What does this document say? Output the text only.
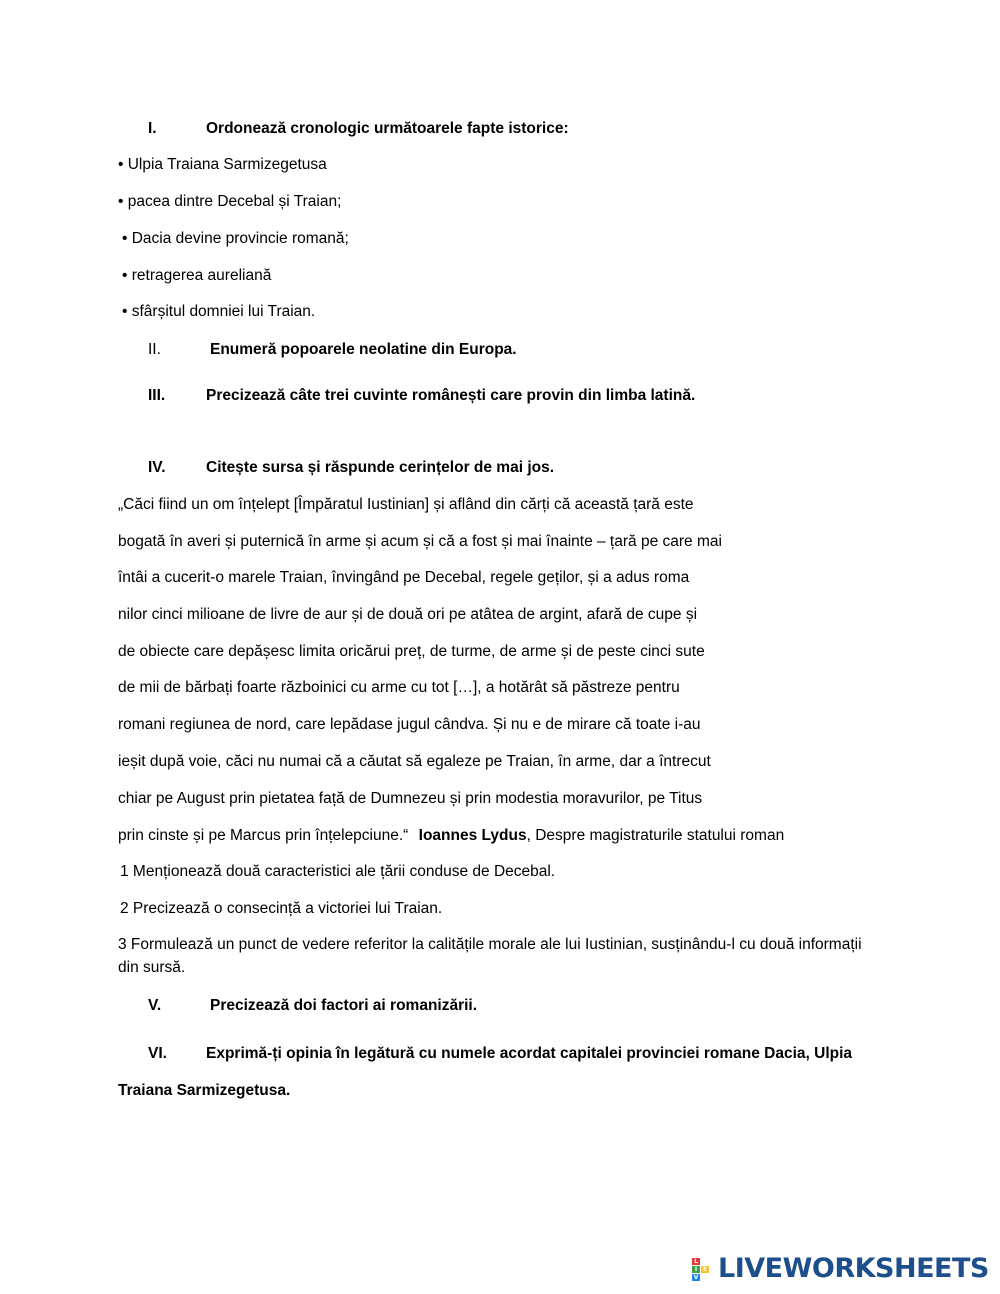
I.	Ordonează cronologic următoarele fapte istorice:
• Ulpia Traiana Sarmizegetusa
• pacea dintre Decebal și Traian;
• Dacia devine provincie romană;
• retragerea aureliană
• sfârșitul domniei lui Traian.
II.	Enumeră popoarele neolatine din Europa.
III.	Precizează câte trei cuvinte românești care provin din limba latină.
IV.	Citește sursa și răspunde cerințelor de mai jos.
„Căci fiind un om înțelept [Împăratul Iustinian] și aflând din cărți că această țară este
bogată în averi și puternică în arme și acum și că a fost și mai înainte – țară pe care mai
întâi a cucerit-o marele Traian, învingând pe Decebal, regele geților, și a adus roma
nilor cinci milioane de livre de aur și de două ori pe atâtea de argint, afară de cupe și
de obiecte care depășesc limita oricărui preț, de turme, de arme și de peste cinci sute
de mii de bărbați foarte războinici cu arme cu tot […], a hotărât să păstreze pentru
romani regiunea de nord, care lepădase jugul cândva. Și nu e de mirare că toate i-au
ieșit după voie, căci nu numai că a căutat să egaleze pe Traian, în arme, dar a întrecut
chiar pe August prin pietatea față de Dumnezeu și prin modestia moravurilor, pe Titus
prin cinste și pe Marcus prin înțelepciune.“ Ioannes Lydus, Despre magistraturile statului roman
1 Menționează două caracteristici ale țării conduse de Decebal.
2 Precizează o consecință a victoriei lui Traian.
3 Formulează un punct de vedere referitor la calitățile morale ale lui Iustinian, susținându-l cu două informații din sursă.
V.	Precizează doi factori ai romanizării.
VI.	Exprimă-ți opinia în legătură cu numele acordat capitalei provinciei romane Dacia, Ulpia
Traiana Sarmizegetusa.
L
I
V
E LIVEWORKSHEETS
